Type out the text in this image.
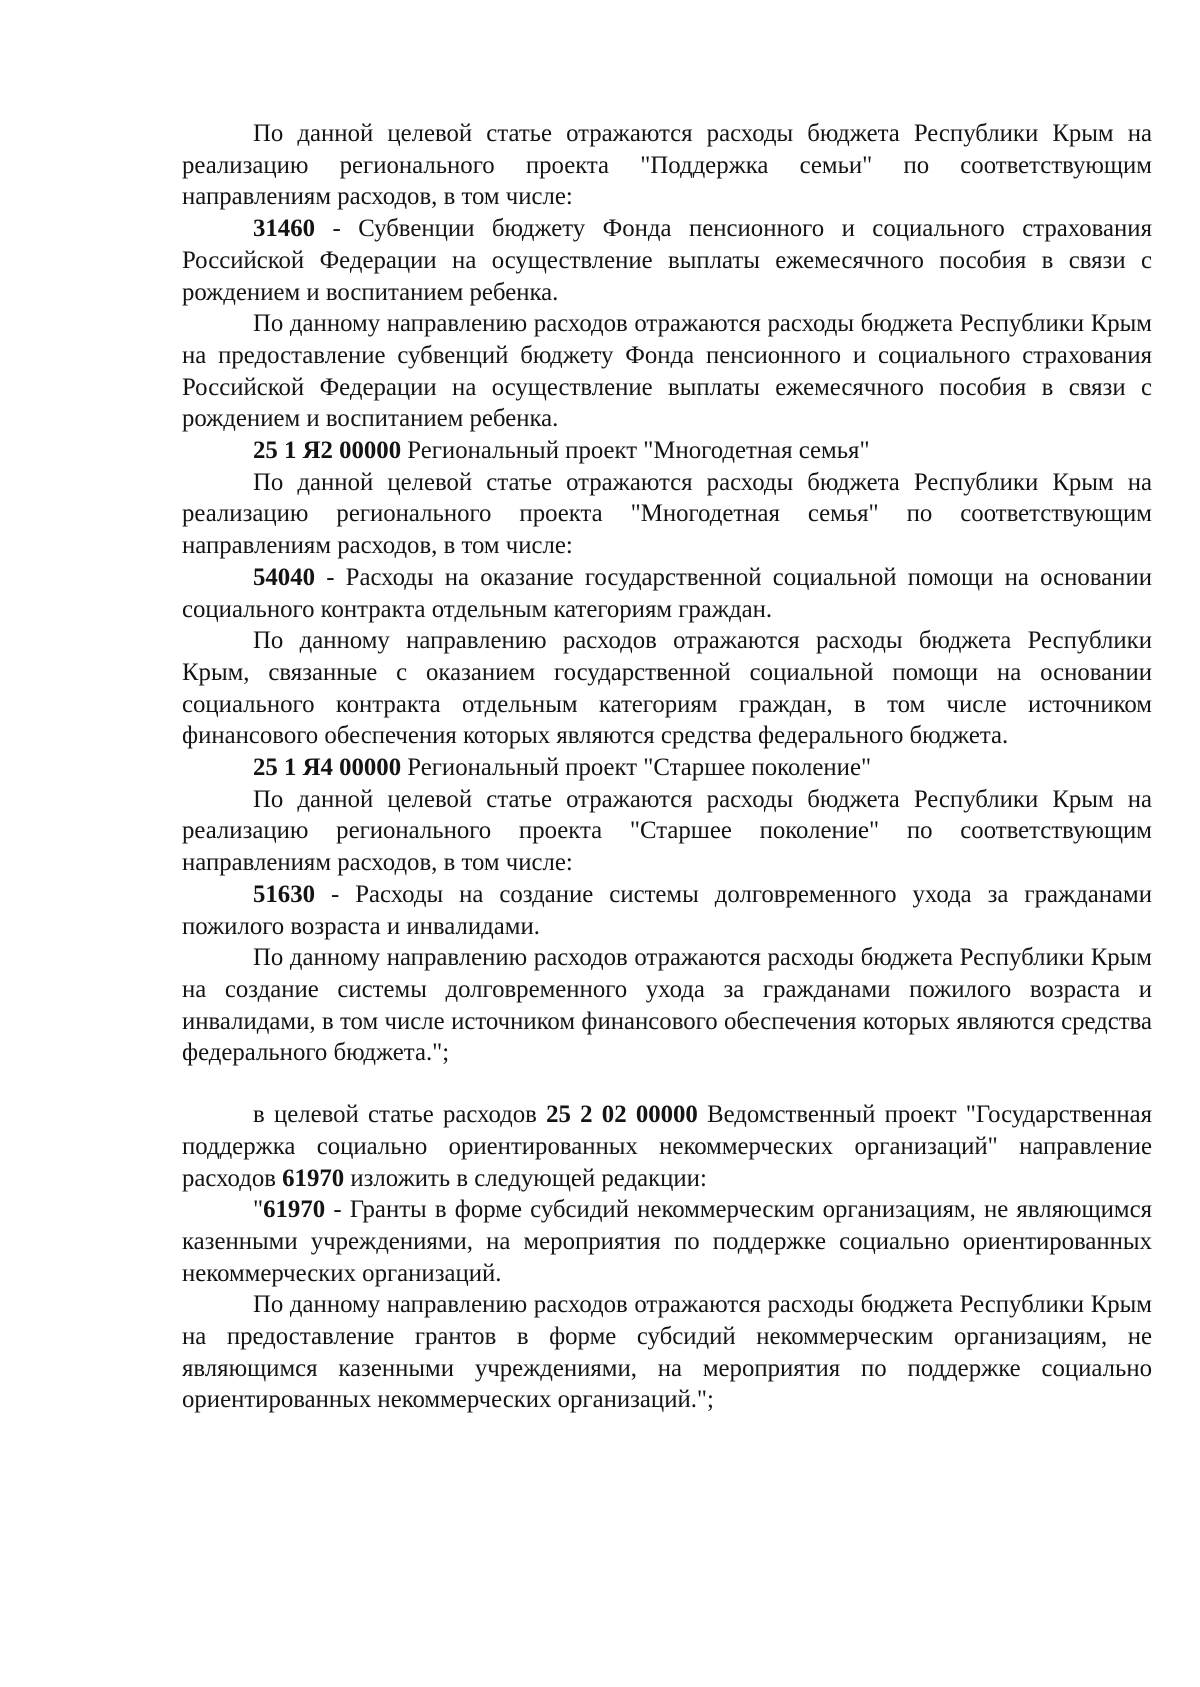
По данной целевой статье отражаются расходы бюджета Республики Крым на реализацию регионального проекта "Поддержка семьи" по соответствующим направлениям расходов, в том числе:

31460 - Субвенции бюджету Фонда пенсионного и социального страхования Российской Федерации на осуществление выплаты ежемесячного пособия в связи с рождением и воспитанием ребенка.

По данному направлению расходов отражаются расходы бюджета Республики Крым на предоставление субвенций бюджету Фонда пенсионного и социального страхования Российской Федерации на осуществление выплаты ежемесячного пособия в связи с рождением и воспитанием ребенка.

25 1 Я2 00000 Региональный проект "Многодетная семья"

По данной целевой статье отражаются расходы бюджета Республики Крым на реализацию регионального проекта "Многодетная семья" по соответствующим направлениям расходов, в том числе:

54040 - Расходы на оказание государственной социальной помощи на основании социального контракта отдельным категориям граждан.

По данному направлению расходов отражаются расходы бюджета Республики Крым, связанные с оказанием государственной социальной помощи на основании социального контракта отдельным категориям граждан, в том числе источником финансового обеспечения которых являются средства федерального бюджета.

25 1 Я4 00000 Региональный проект "Старшее поколение"

По данной целевой статье отражаются расходы бюджета Республики Крым на реализацию регионального проекта "Старшее поколение" по соответствующим направлениям расходов, в том числе:

51630 - Расходы на создание системы долговременного ухода за гражданами пожилого возраста и инвалидами.

По данному направлению расходов отражаются расходы бюджета Республики Крым на создание системы долговременного ухода за гражданами пожилого возраста и инвалидами, в том числе источником финансового обеспечения которых являются средства федерального бюджета.";

в целевой статье расходов 25 2 02 00000 Ведомственный проект "Государственная поддержка социально ориентированных некоммерческих организаций" направление расходов 61970 изложить в следующей редакции:

"61970 - Гранты в форме субсидий некоммерческим организациям, не являющимся казенными учреждениями, на мероприятия по поддержке социально ориентированных некоммерческих организаций.

По данному направлению расходов отражаются расходы бюджета Республики Крым на предоставление грантов в форме субсидий некоммерческим организациям, не являющимся казенными учреждениями, на мероприятия по поддержке социально ориентированных некоммерческих организаций.";
